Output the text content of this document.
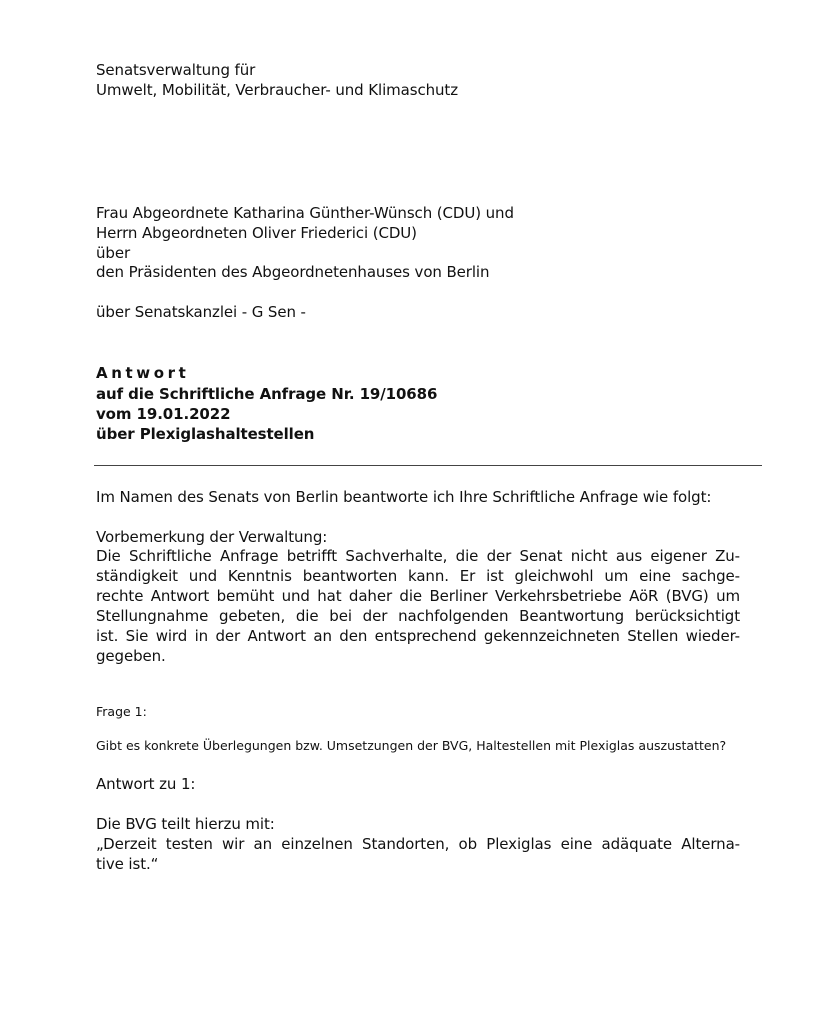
Senatsverwaltung für
Umwelt, Mobilität, Verbraucher- und Klimaschutz
Frau Abgeordnete Katharina Günther-Wünsch (CDU) und
Herrn Abgeordneten Oliver Friederici (CDU)
über
den Präsidenten des Abgeordnetenhauses von Berlin
über Senatskanzlei - G Sen -
Antwort
auf die Schriftliche Anfrage Nr. 19/10686
vom 19.01.2022
über Plexiglashaltestellen
Im Namen des Senats von Berlin beantworte ich Ihre Schriftliche Anfrage wie folgt:
Vorbemerkung der Verwaltung:
Die Schriftliche Anfrage betrifft Sachverhalte, die der Senat nicht aus eigener Zu-
ständigkeit und Kenntnis beantworten kann. Er ist gleichwohl um eine sachge-
rechte Antwort bemüht und hat daher die Berliner Verkehrsbetriebe AöR (BVG) um
Stellungnahme gebeten, die bei der nachfolgenden Beantwortung berücksichtigt
ist. Sie wird in der Antwort an den entsprechend gekennzeichneten Stellen wieder-
gegeben.
Frage 1:
Gibt es konkrete Überlegungen bzw. Umsetzungen der BVG, Haltestellen mit Plexiglas auszustatten?
Antwort zu 1:
Die BVG teilt hierzu mit:
„Derzeit testen wir an einzelnen Standorten, ob Plexiglas eine adäquate Alterna-
tive ist.“
